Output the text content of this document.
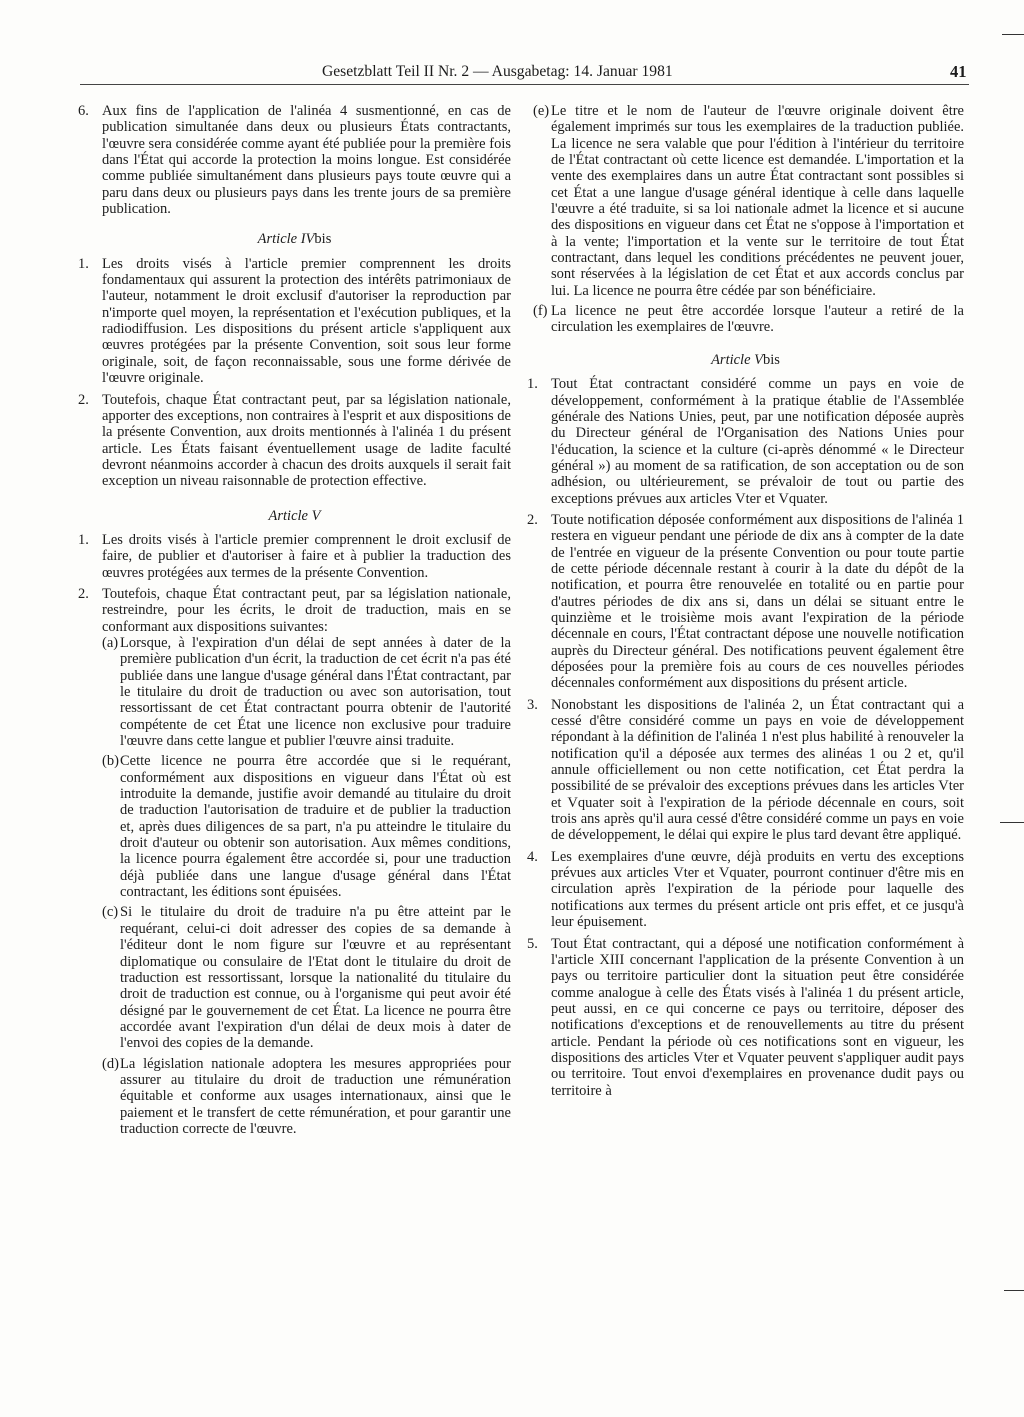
Gesetzblatt Teil II Nr. 2 — Ausgabetag: 14. Januar 1981	41
6. Aux fins de l'application de l'alinéa 4 susmentionné, en cas de publication simultanée dans deux ou plusieurs États contractants, l'œuvre sera considérée comme ayant été publiée pour la première fois dans l'État qui accorde la protection la moins longue. Est considérée comme publiée simultanément dans plusieurs pays toute œuvre qui a paru dans deux ou plusieurs pays dans les trente jours de sa première publication.

Article IVbis
1. Les droits visés à l'article premier comprennent les droits fondamentaux qui assurent la protection des intérêts patrimoniaux de l'auteur, notamment le droit exclusif d'autoriser la reproduction par n'importe quel moyen, la représentation et l'exécution publiques, et la radiodiffusion. Les dispositions du présent article s'appliquent aux œuvres protégées par la présente Convention, soit sous leur forme originale, soit, de façon reconnaissable, sous une forme dérivée de l'œuvre originale.

2. Toutefois, chaque État contractant peut, par sa législation nationale, apporter des exceptions, non contraires à l'esprit et aux dispositions de la présente Convention, aux droits mentionnés à l'alinéa 1 du présent article. Les États faisant éventuellement usage de ladite faculté devront néanmoins accorder à chacun des droits auxquels il serait fait exception un niveau raisonnable de protection effective.

Article V
1. Les droits visés à l'article premier comprennent le droit exclusif de faire, de publier et d'autoriser à faire et à publier la traduction des œuvres protégées aux termes de la présente Convention.

2. Toutefois, chaque État contractant peut, par sa législation nationale, restreindre, pour les écrits, le droit de traduction, mais en se conformant aux dispositions suivantes:

(a) Lorsque, à l'expiration d'un délai de sept années à dater de la première publication d'un écrit, la traduction de cet écrit n'a pas été publiée dans une langue d'usage général dans l'État contractant, par le titulaire du droit de traduction ou avec son autorisation, tout ressortissant de cet État contractant pourra obtenir de l'autorité compétente de cet État une licence non exclusive pour traduire l'œuvre dans cette langue et publier l'œuvre ainsi traduite.

(b) Cette licence ne pourra être accordée que si le requérant, conformément aux dispositions en vigueur dans l'État où est introduite la demande, justifie avoir demandé au titulaire du droit de traduction l'autorisation de traduire et de publier la traduction et, après dues diligences de sa part, n'a pu atteindre le titulaire du droit d'auteur ou obtenir son autorisation. Aux mêmes conditions, la licence pourra également être accordée si, pour une traduction déjà publiée dans une langue d'usage général dans l'État contractant, les éditions sont épuisées.

(c) Si le titulaire du droit de traduire n'a pu être atteint par le requérant, celui-ci doit adresser des copies de sa demande à l'éditeur dont le nom figure sur l'œuvre et au représentant diplomatique ou consulaire de l'Etat dont le titulaire du droit de traduction est ressortissant, lorsque la nationalité du titulaire du droit de traduction est connue, ou à l'organisme qui peut avoir été désigné par le gouvernement de cet État. La licence ne pourra être accordée avant l'expiration d'un délai de deux mois à dater de l'envoi des copies de la demande.

(d) La législation nationale adoptera les mesures appropriées pour assurer au titulaire du droit de traduction une rémunération équitable et conforme aux usages internationaux, ainsi que le paiement et le transfert de cette rémunération, et pour garantir une traduction correcte de l'œuvre.

(e) Le titre et le nom de l'auteur de l'œuvre originale doivent être également imprimés sur tous les exemplaires de la traduction publiée. La licence ne sera valable que pour l'édition à l'intérieur du territoire de l'État contractant où cette licence est demandée. L'importation et la vente des exemplaires dans un autre État contractant sont possibles si cet État a une langue d'usage général identique à celle dans laquelle l'œuvre a été traduite, si sa loi nationale admet la licence et si aucune des dispositions en vigueur dans cet État ne s'oppose à l'importation et à la vente; l'importation et la vente sur le territoire de tout État contractant, dans lequel les conditions précédentes ne peuvent jouer, sont réservées à la législation de cet État et aux accords conclus par lui. La licence ne pourra être cédée par son bénéficiaire.

(f) La licence ne peut être accordée lorsque l'auteur a retiré de la circulation les exemplaires de l'œuvre.

Article Vbis
1. Tout État contractant considéré comme un pays en voie de développement, conformément à la pratique établie de l'Assemblée générale des Nations Unies, peut, par une notification déposée auprès du Directeur général de l'Organisation des Nations Unies pour l'éducation, la science et la culture (ci-après dénommé « le Directeur général ») au moment de sa ratification, de son acceptation ou de son adhésion, ou ultérieurement, se prévaloir de tout ou partie des exceptions prévues aux articles Vter et Vquater.

2. Toute notification déposée conformément aux dispositions de l'alinéa 1 restera en vigueur pendant une période de dix ans à compter de la date de l'entrée en vigueur de la présente Convention ou pour toute partie de cette période décennale restant à courir à la date du dépôt de la notification, et pourra être renouvelée en totalité ou en partie pour d'autres périodes de dix ans si, dans un délai se situant entre le quinzième et le troisième mois avant l'expiration de la période décennale en cours, l'État contractant dépose une nouvelle notification auprès du Directeur général. Des notifications peuvent également être déposées pour la première fois au cours de ces nouvelles périodes décennales conformément aux dispositions du présent article.

3. Nonobstant les dispositions de l'alinéa 2, un État contractant qui a cessé d'être considéré comme un pays en voie de développement répondant à la définition de l'alinéa 1 n'est plus habilité à renouveler la notification qu'il a déposée aux termes des alinéas 1 ou 2 et, qu'il annule officiellement ou non cette notification, cet État perdra la possibilité de se prévaloir des exceptions prévues dans les articles Vter et Vquater soit à l'expiration de la période décennale en cours, soit trois ans après qu'il aura cessé d'être considéré comme un pays en voie de développement, le délai qui expire le plus tard devant être appliqué.

4. Les exemplaires d'une œuvre, déjà produits en vertu des exceptions prévues aux articles Vter et Vquater, pourront continuer d'être mis en circulation après l'expiration de la période pour laquelle des notifications aux termes du présent article ont pris effet, et ce jusqu'à leur épuisement.

5. Tout État contractant, qui a déposé une notification conformément à l'article XIII concernant l'application de la présente Convention à un pays ou territoire particulier dont la situation peut être considérée comme analogue à celle des États visés à l'alinéa 1 du présent article, peut aussi, en ce qui concerne ce pays ou territoire, déposer des notifications d'exceptions et de renouvellements au titre du présent article. Pendant la période où ces notifications sont en vigueur, les dispositions des articles Vter et Vquater peuvent s'appliquer audit pays ou territoire. Tout envoi d'exemplaires en provenance dudit pays ou territoire à
